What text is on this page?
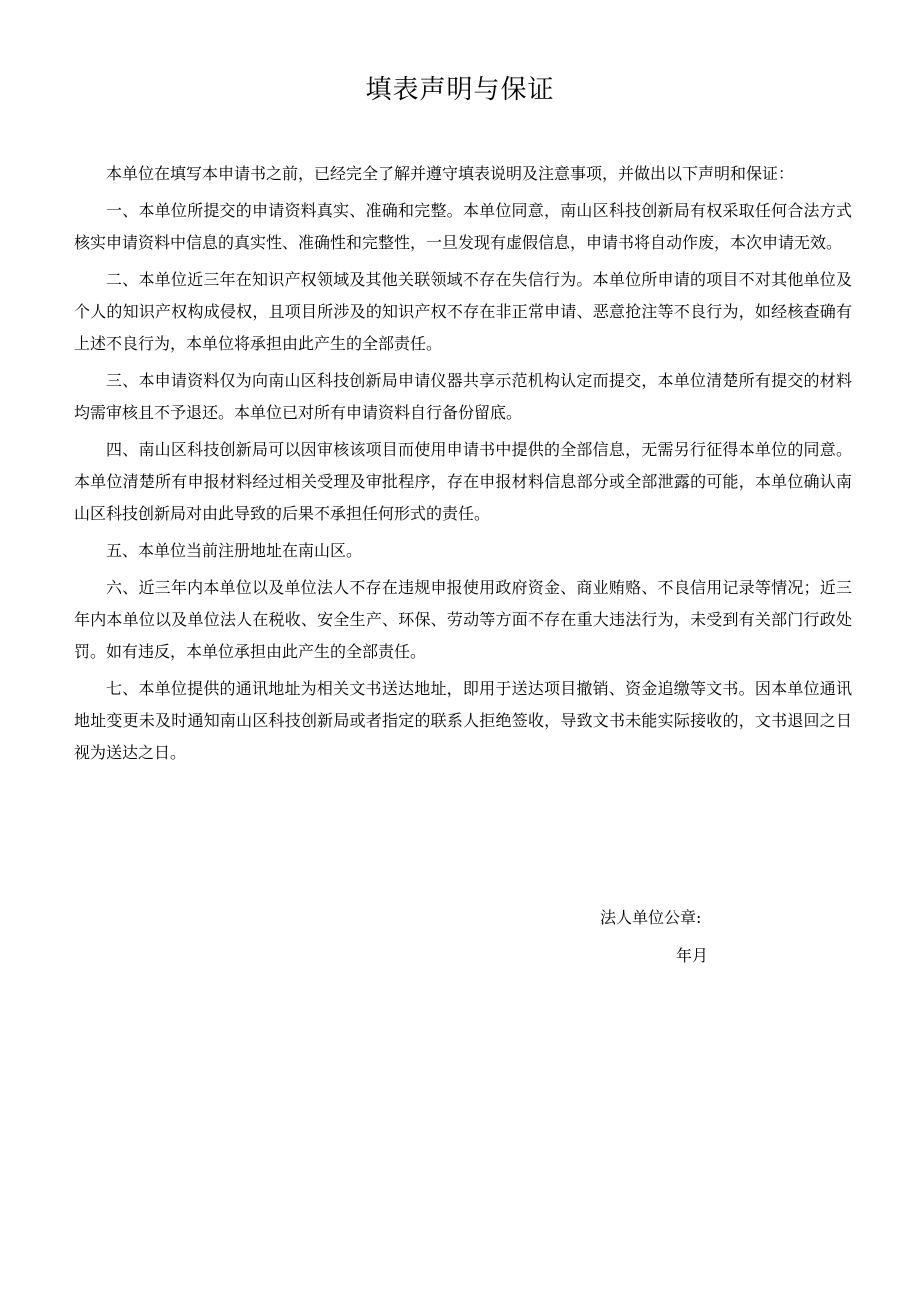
填表声明与保证

本单位在填写本申请书之前，已经完全了解并遵守填表说明及注意事项，并做出以下声明和保证：

一、本单位所提交的申请资料真实、准确和完整。本单位同意，南山区科技创新局有权采取任何合法方式核实申请资料中信息的真实性、准确性和完整性，一旦发现有虚假信息，申请书将自动作废，本次申请无效。

二、本单位近三年在知识产权领域及其他关联领域不存在失信行为。本单位所申请的项目不对其他单位及个人的知识产权构成侵权，且项目所涉及的知识产权不存在非正常申请、恶意抢注等不良行为，如经核查确有上述不良行为，本单位将承担由此产生的全部责任。

三、本申请资料仅为向南山区科技创新局申请仪器共享示范机构认定而提交，本单位清楚所有提交的材料均需审核且不予退还。本单位已对所有申请资料自行备份留底。

四、南山区科技创新局可以因审核该项目而使用申请书中提供的全部信息，无需另行征得本单位的同意。本单位清楚所有申报材料经过相关受理及审批程序，存在申报材料信息部分或全部泄露的可能，本单位确认南山区科技创新局对由此导致的后果不承担任何形式的责任。

五、本单位当前注册地址在南山区。

六、近三年内本单位以及单位法人不存在违规申报使用政府资金、商业贿赂、不良信用记录等情况；近三年内本单位以及单位法人在税收、安全生产、环保、劳动等方面不存在重大违法行为，未受到有关部门行政处罚。如有违反，本单位承担由此产生的全部责任。

七、本单位提供的通讯地址为相关文书送达地址，即用于送达项目撤销、资金追缴等文书。因本单位通讯地址变更未及时通知南山区科技创新局或者指定的联系人拒绝签收，导致文书未能实际接收的，文书退回之日视为送达之日。

法人单位公章:
年月
